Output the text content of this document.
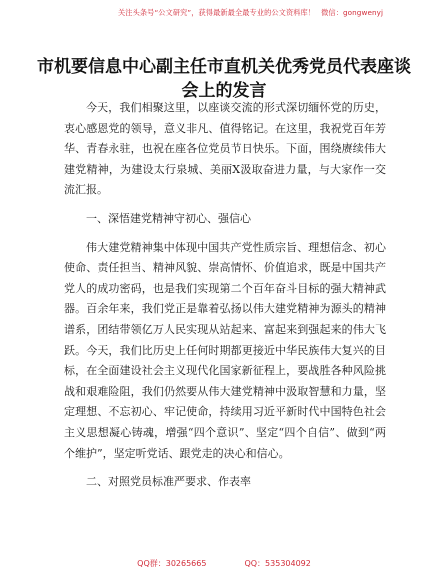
关注头条号“公文研究”，获得最新最全最专业的公文资料库！ 微信：gongwenyj
市机要信息中心副主任市直机关优秀党员代表座谈会上的发言

今天，我们相聚这里，以座谈交流的形式深切缅怀党的历史，衷心感恩党的领导，意义非凡、值得铭记。在这里，我祝党百年芳华、青春永驻，也祝在座各位党员节日快乐。下面，围绕赓续伟大建党精神，为建设太行泉城、美丽Ⅹ汲取奋进力量，与大家作一交流汇报。

一、深悟建党精神守初心、强信心

伟大建党精神集中体现中国共产党性质宗旨、理想信念、初心使命、责任担当、精神风貌、崇高情怀、价值追求，既是中国共产党人的成功密码，也是我们实现第二个百年奋斗目标的强大精神武器。百余年来，我们党正是靠着弘扬以伟大建党精神为源头的精神谱系，团结带领亿万人民实现从站起来、富起来到强起来的伟大飞跃。今天，我们比历史上任何时期都更接近中华民族伟大复兴的目标，在全面建设社会主义现代化国家新征程上，要战胜各种风险挑战和艰难险阻，我们仍然要从伟大建党精神中汲取智慧和力量，坚定理想、不忘初心、牢记使命，持续用习近平新时代中国特色社会主义思想凝心铸魂，增强“四个意识”、坚定“四个自信”、做到“两个维护”，坚定听党话、跟党走的决心和信心。

二、对照党员标准严要求、作表率

QQ群：30265665	QQ：535304092
